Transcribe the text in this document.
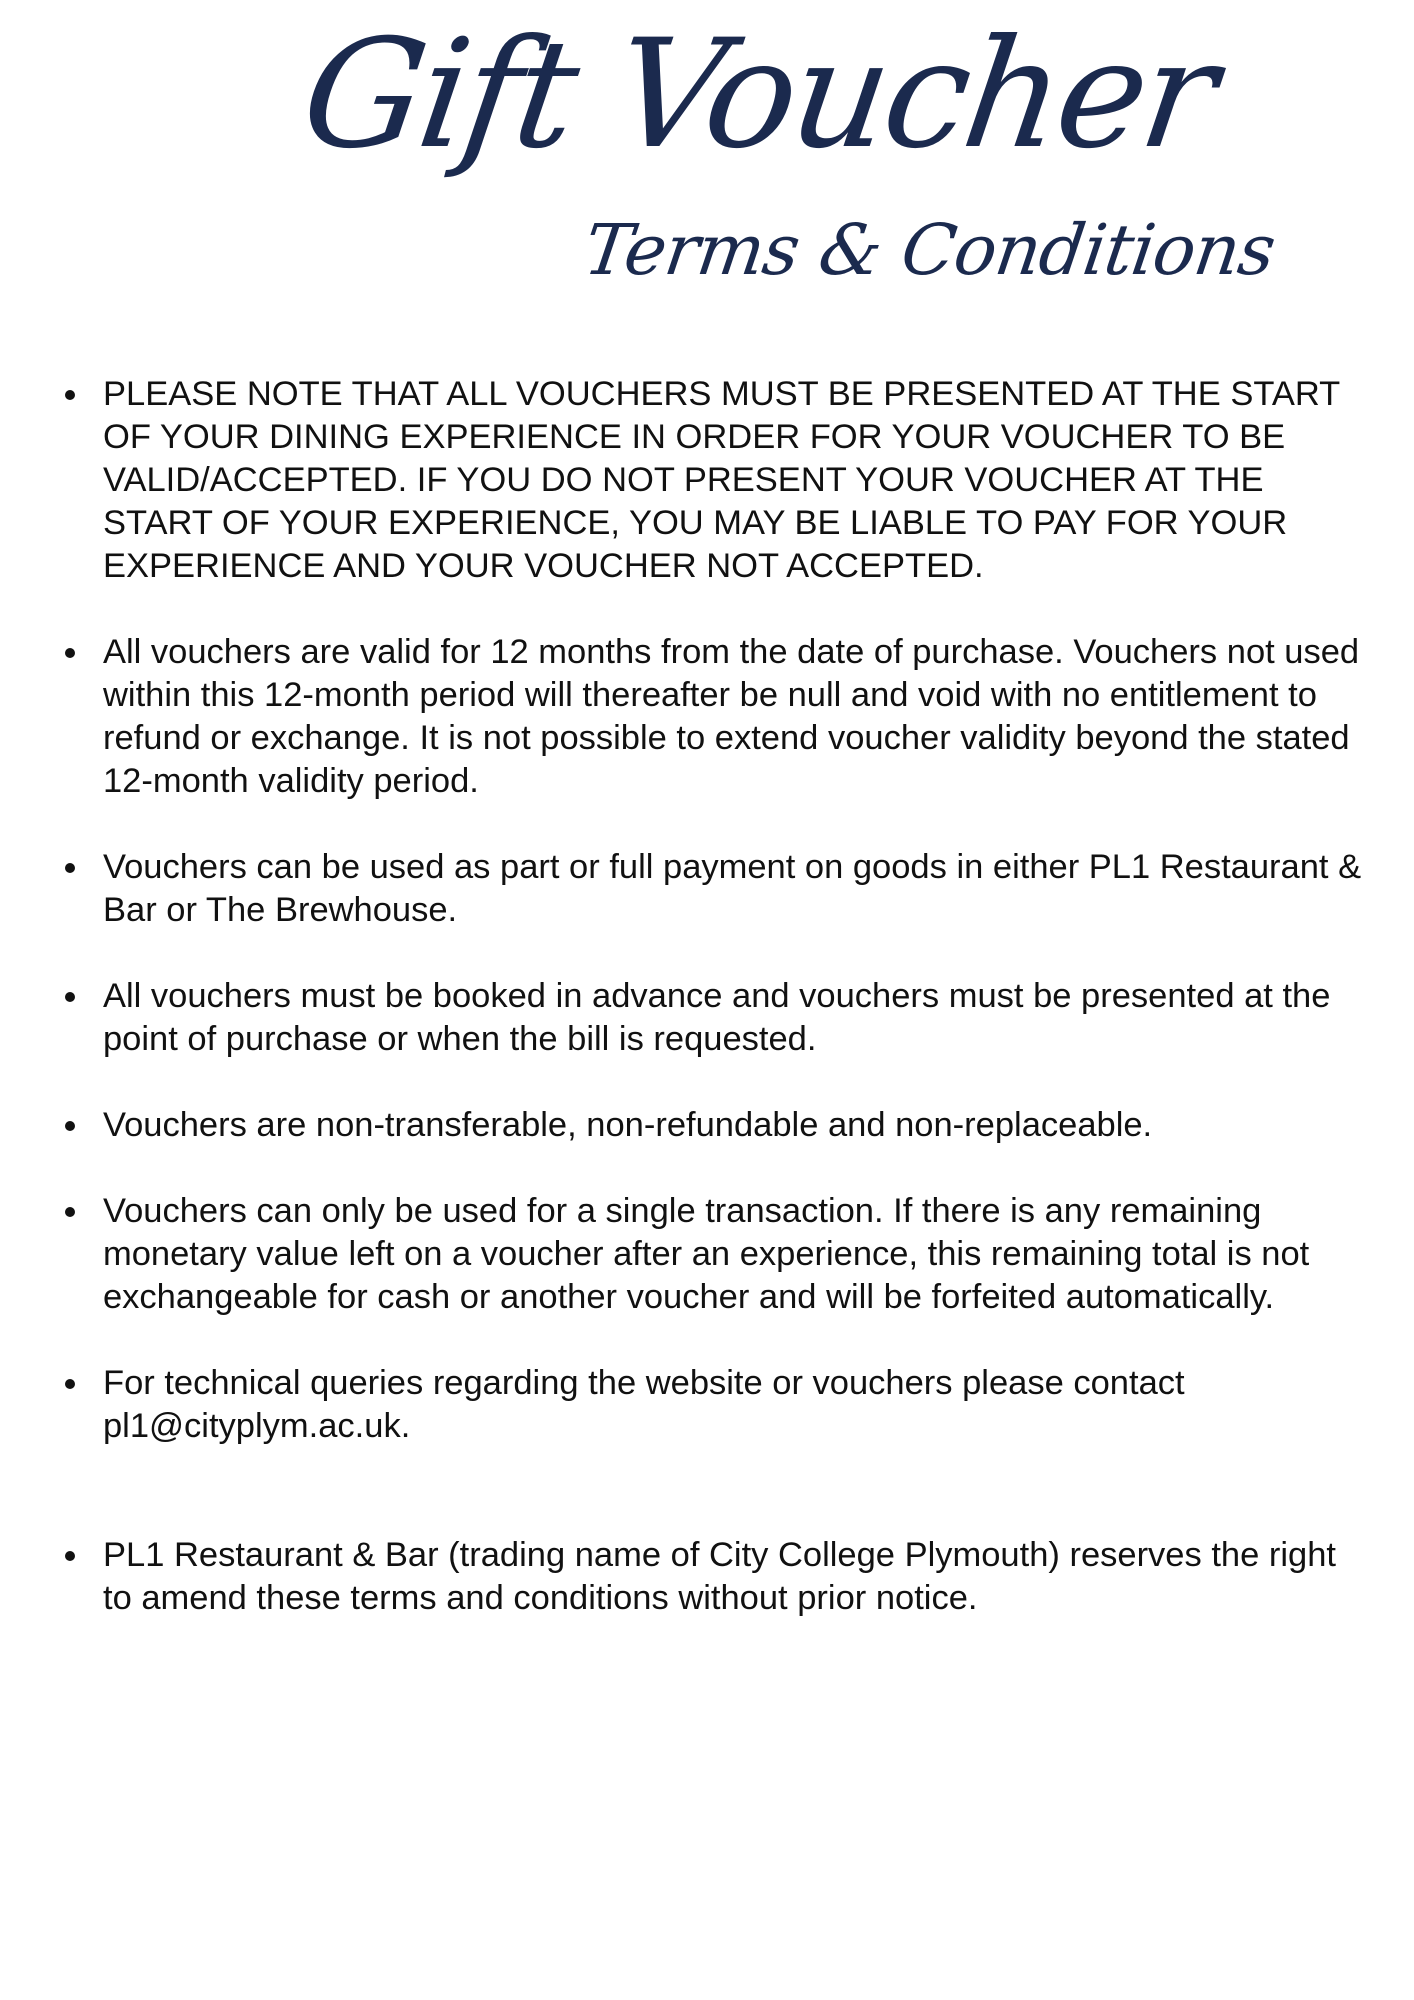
Gift Voucher
Terms & Conditions
PLEASE NOTE THAT ALL VOUCHERS MUST BE PRESENTED AT THE START OF YOUR DINING EXPERIENCE IN ORDER FOR YOUR VOUCHER TO BE VALID/ACCEPTED. IF YOU DO NOT PRESENT YOUR VOUCHER AT THE START OF YOUR EXPERIENCE, YOU MAY BE LIABLE TO PAY FOR YOUR EXPERIENCE AND YOUR VOUCHER NOT ACCEPTED.
All vouchers are valid for 12 months from the date of purchase. Vouchers not used within this 12-month period will thereafter be null and void with no entitlement to refund or exchange. It is not possible to extend voucher validity beyond the stated 12-month validity period.
Vouchers can be used as part or full payment on goods in either PL1 Restaurant & Bar or The Brewhouse.
All vouchers must be booked in advance and vouchers must be presented at the point of purchase or when the bill is requested.
Vouchers are non-transferable, non-refundable and non-replaceable.
Vouchers can only be used for a single transaction. If there is any remaining monetary value left on a voucher after an experience, this remaining total is not exchangeable for cash or another voucher and will be forfeited automatically.
For technical queries regarding the website or vouchers please contact pl1@cityplym.ac.uk.
PL1 Restaurant & Bar (trading name of City College Plymouth) reserves the right to amend these terms and conditions without prior notice.
